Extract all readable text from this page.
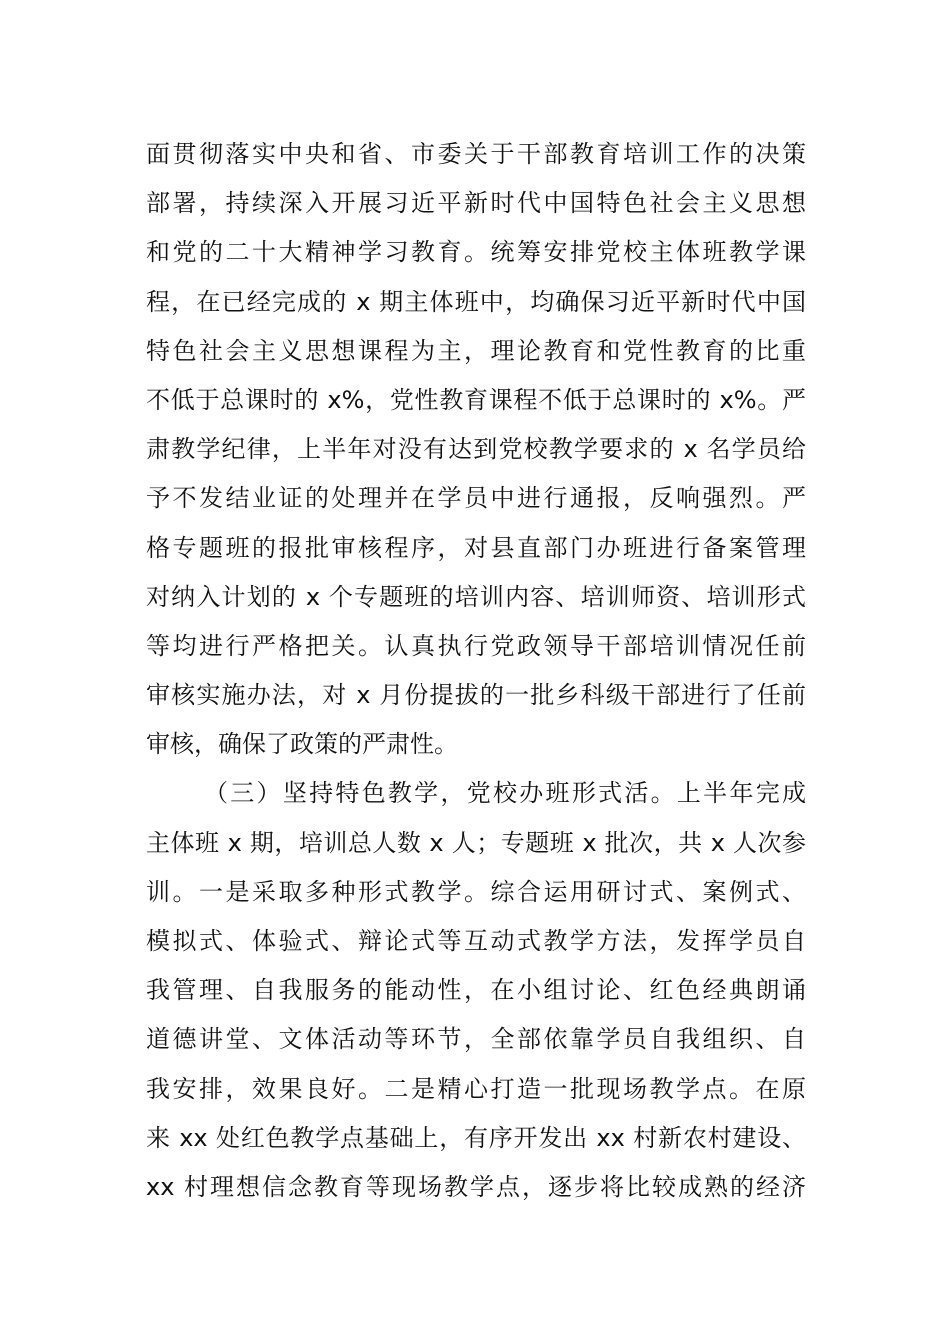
面贯彻落实中央和省、市委关于干部教育培训工作的决策
部署，持续深入开展习近平新时代中国特色社会主义思想
和党的二十大精神学习教育。统筹安排党校主体班教学课
程，在已经完成的 x 期主体班中，均确保习近平新时代中国
特色社会主义思想课程为主，理论教育和党性教育的比重
不低于总课时的 x%，党性教育课程不低于总课时的 x%。严
肃教学纪律，上半年对没有达到党校教学要求的 x 名学员给
予不发结业证的处理并在学员中进行通报，反响强烈。严
格专题班的报批审核程序，对县直部门办班进行备案管理
对纳入计划的 x 个专题班的培训内容、培训师资、培训形式
等均进行严格把关。认真执行党政领导干部培训情况任前
审核实施办法，对 x 月份提拔的一批乡科级干部进行了任前
审核，确保了政策的严肃性。
（三）坚持特色教学，党校办班形式活。上半年完成
主体班 x 期，培训总人数 x 人；专题班 x 批次，共 x 人次参
训。一是采取多种形式教学。综合运用研讨式、案例式、
模拟式、体验式、辩论式等互动式教学方法，发挥学员自
我管理、自我服务的能动性，在小组讨论、红色经典朗诵
道德讲堂、文体活动等环节，全部依靠学员自我组织、自
我安排，效果良好。二是精心打造一批现场教学点。在原
来 xx 处红色教学点基础上，有序开发出 xx 村新农村建设、
xx 村理想信念教育等现场教学点，逐步将比较成熟的经济
